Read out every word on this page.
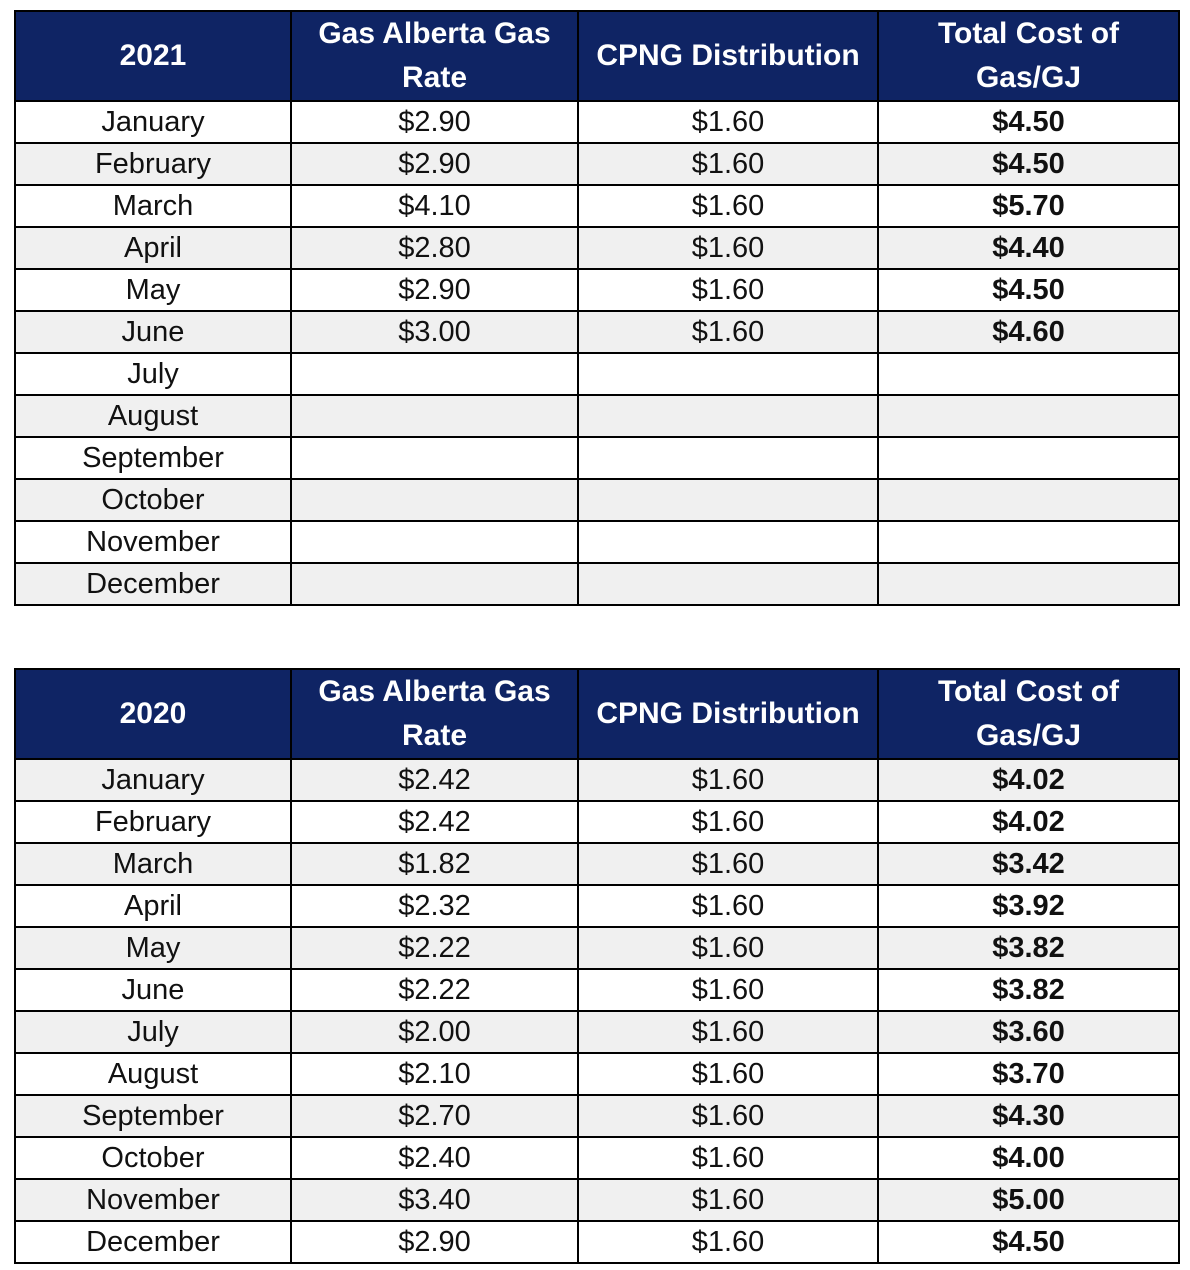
2021	Gas Alberta Gas Rate	CPNG Distribution	Total Cost of Gas/GJ
January	$2.90	$1.60	$4.50
February	$2.90	$1.60	$4.50
March	$4.10	$1.60	$5.70
April	$2.80	$1.60	$4.40
May	$2.90	$1.60	$4.50
June	$3.00	$1.60	$4.60
July			
August			
September			
October			
November			
December			
2020	Gas Alberta Gas Rate	CPNG Distribution	Total Cost of Gas/GJ
January	$2.42	$1.60	$4.02
February	$2.42	$1.60	$4.02
March	$1.82	$1.60	$3.42
April	$2.32	$1.60	$3.92
May	$2.22	$1.60	$3.82
June	$2.22	$1.60	$3.82
July	$2.00	$1.60	$3.60
August	$2.10	$1.60	$3.70
September	$2.70	$1.60	$4.30
October	$2.40	$1.60	$4.00
November	$3.40	$1.60	$5.00
December	$2.90	$1.60	$4.50
